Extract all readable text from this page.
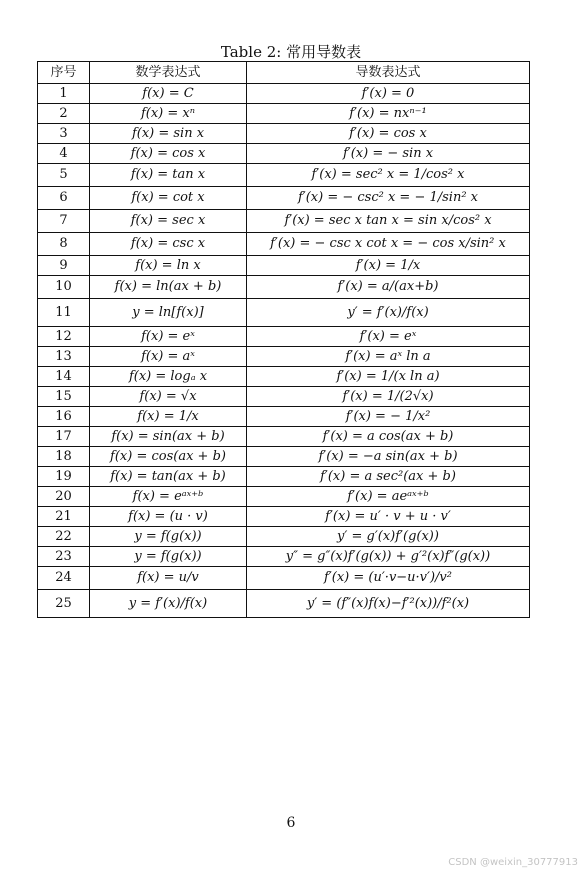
Table 2: 常用导数表
序号	数学表达式	导数表达式
1	f(x) = C	f′(x) = 0
2	f(x) = xⁿ	f′(x) = nxⁿ⁻¹
3	f(x) = sin x	f′(x) = cos x
4	f(x) = cos x	f′(x) = − sin x
5	f(x) = tan x	f′(x) = sec² x = 1/cos² x
6	f(x) = cot x	f′(x) = − csc² x = − 1/sin² x
7	f(x) = sec x	f′(x) = sec x tan x = sin x/cos² x
8	f(x) = csc x	f′(x) = − csc x cot x = − cos x/sin² x
9	f(x) = ln x	f′(x) = 1/x
10	f(x) = ln(ax + b)	f′(x) = a/(ax+b)
11	y = ln[f(x)]	y′ = f′(x)/f(x)
12	f(x) = eˣ	f′(x) = eˣ
13	f(x) = aˣ	f′(x) = aˣ ln a
14	f(x) = logₐ x	f′(x) = 1/(x ln a)
15	f(x) = √x	f′(x) = 1/(2√x)
16	f(x) = 1/x	f′(x) = − 1/x²
17	f(x) = sin(ax + b)	f′(x) = a cos(ax + b)
18	f(x) = cos(ax + b)	f′(x) = −a sin(ax + b)
19	f(x) = tan(ax + b)	f′(x) = a sec²(ax + b)
20	f(x) = eᵃˣ⁺ᵇ	f′(x) = aeᵃˣ⁺ᵇ
21	f(x) = (u · v)	f′(x) = u′ · v + u · v′
22	y = f(g(x))	y′ = g′(x)f′(g(x))
23	y = f(g(x))	y″ = g″(x)f′(g(x)) + g′²(x)f″(g(x))
24	f(x) = u/v	f′(x) = (u′·v−u·v′)/v²
25	y = f′(x)/f(x)	y′ = (f″(x)f(x)−f′²(x))/f²(x)
6
CSDN @weixin_30777913
